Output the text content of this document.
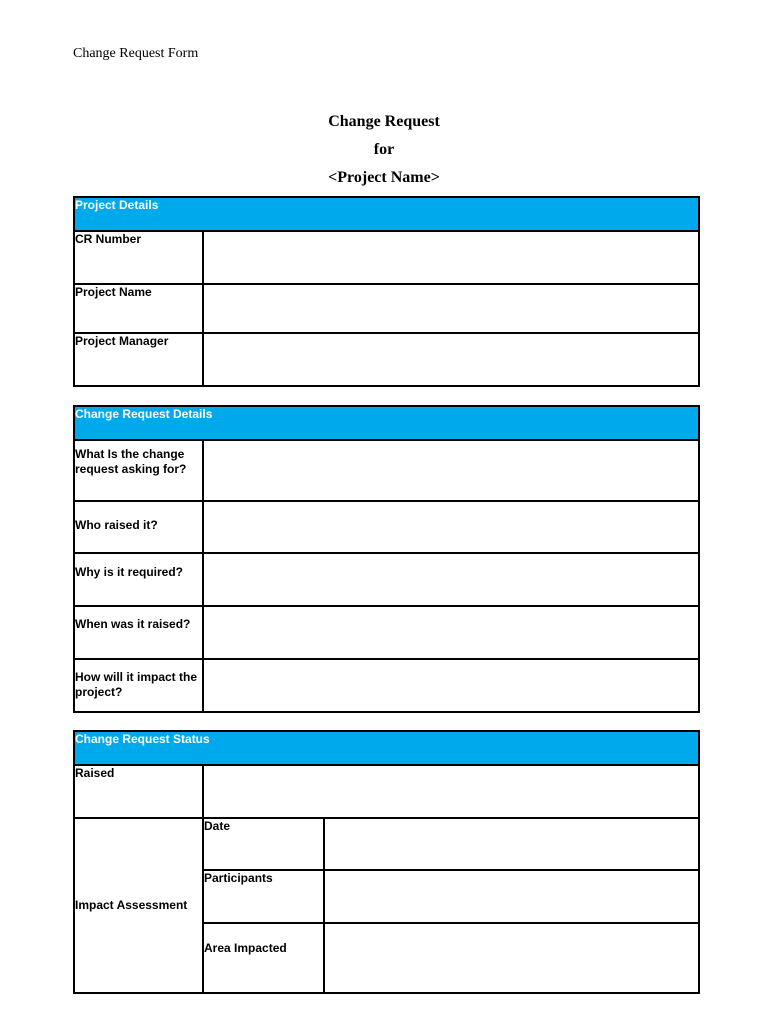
Change Request Form
Change Request
for
<Project Name>
Project Details	
CR Number	
Project Name	
Project Manager	
Change Request Details	
What Is the change request asking for?	
Who raised it?	
Why is it required?	
When was it raised?	
How will it impact the project?	
Change Request Status		
Raised		
Impact Assessment	Date	
	Participants	
	Area Impacted	
